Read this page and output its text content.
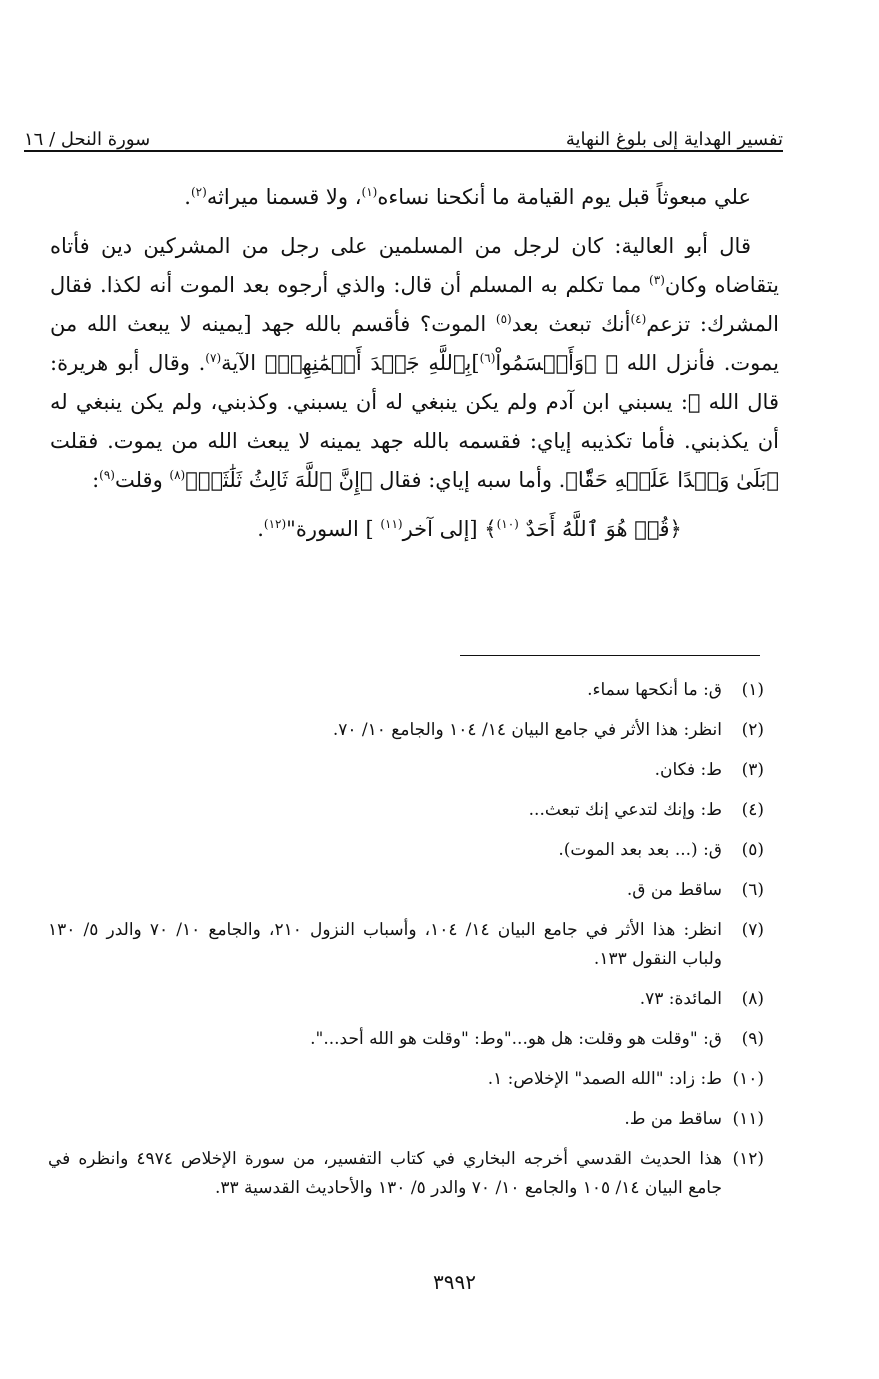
تفسير الهداية إلى بلوغ النهاية
سورة النحل / ١٦

علي مبعوثاً قبل يوم القيامة ما أنكحنا نساءه$^{(١)}$، ولا قسمنا ميراثه$^{(٢)}$.

قال أبو العالية: كان لرجل من المسلمين على رجل من المشركين دين فأتاه يتقاضاه وكان$^{(٣)}$ مما تكلم به المسلم أن قال: والذي أرجوه بعد الموت أنه لكذا. فقال المشرك: تزعم$^{(٤)}$أنك تبعث بعد$^{(٥)}$ الموت؟ فأقسم بالله جهد [يمينه لا يبعث الله من يموت. فأنزل الله ﷻ ﴿وَأَقۡسَمُواْ$^{(٦)}$]بِٱللَّهِ جَهۡدَ أَيۡمَٰنِهِمۡ﴾ الآية$^{(٧)}$. وقال أبو هريرة: قال الله ﷻ: يسبني ابن آدم ولم يكن ينبغي له أن يسبني. وكذبني، ولم يكن ينبغي له أن يكذبني. فأما تكذيبه إياي: فقسمه بالله جهد يمينه لا يبعث الله من يموت. فقلت ﴿بَلَىٰ وَعۡدًا عَلَيۡهِ حَقّٗا﴾. وأما سبه إياي: فقال ﴿إِنَّ ٱللَّهَ ثَالِثُ ثَلَٰثَةٖ﴾$^{(٨)}$ وقلت$^{(٩)}$:

﴿قُلۡ هُوَ ٱللَّهُ أَحَدٌ $^{(١٠)}$﴾ [إلى آخر$^{(١١)}$ ] السورة"$^{(١٢)}$.

(١)
ق: ما أنكحها سماء.
(٢)
انظر: هذا الأثر في جامع البيان ١٤/ ١٠٤ والجامع ١٠/ ٧٠.
(٣)
ط: فكان.
(٤)
ط: وإنك لتدعي إنك تبعث...
(٥)
ق: (... بعد بعد الموت).
(٦)
ساقط من ق.
(٧)
انظر: هذا الأثر في جامع البيان ١٤/ ١٠٤، وأسباب النزول ٢١٠، والجامع ١٠/ ٧٠ والدر ٥/ ١٣٠ ولباب النقول ١٣٣.
(٨)
المائدة: ٧٣.
(٩)
ق: "وقلت هو وقلت: هل هو..."وط: "وقلت هو الله أحد...".
(١٠)
ط: زاد: "الله الصمد" الإخلاص: ١.
(١١)
ساقط من ط.
(١٢)
هذا الحديث القدسي أخرجه البخاري في كتاب التفسير، من سورة الإخلاص ٤٩٧٤ وانظره في جامع البيان ١٤/ ١٠٥ والجامع ١٠/ ٧٠ والدر ٥/ ١٣٠ والأحاديث القدسية ٣٣.
٣٩٩٢
